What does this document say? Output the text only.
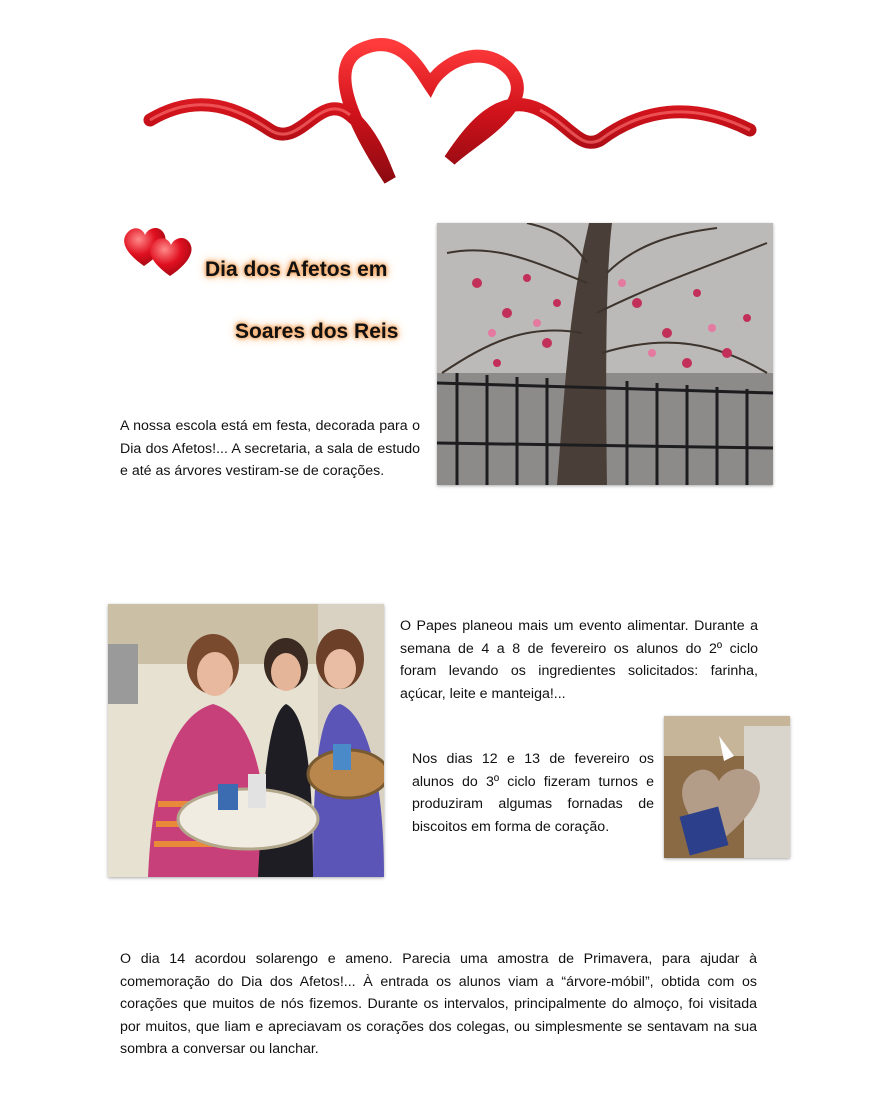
Dia dos Afetos em
Soares dos Reis
A nossa escola está em festa, decorada para o Dia dos Afetos!... A secretaria, a sala de estudo e até as árvores vestiram-se de corações.
O Papes planeou mais um evento alimentar. Durante a semana de 4 a 8 de fevereiro os alunos do 2º ciclo foram levando os ingredientes solicitados: farinha, açúcar, leite e manteiga!...
Nos dias 12 e 13 de fevereiro os alunos do 3º ciclo fizeram turnos e produziram algumas fornadas de biscoitos em forma de coração.
O dia 14 acordou solarengo e ameno. Parecia uma amostra de Primavera, para ajudar à comemoração do Dia dos Afetos!... À entrada os alunos viam a “árvore-móbil”, obtida com os corações que muitos de nós fizemos. Durante os intervalos, principalmente do almoço, foi visitada por muitos, que liam e apreciavam os corações dos colegas, ou simplesmente se sentavam na sua sombra a conversar ou lanchar.
